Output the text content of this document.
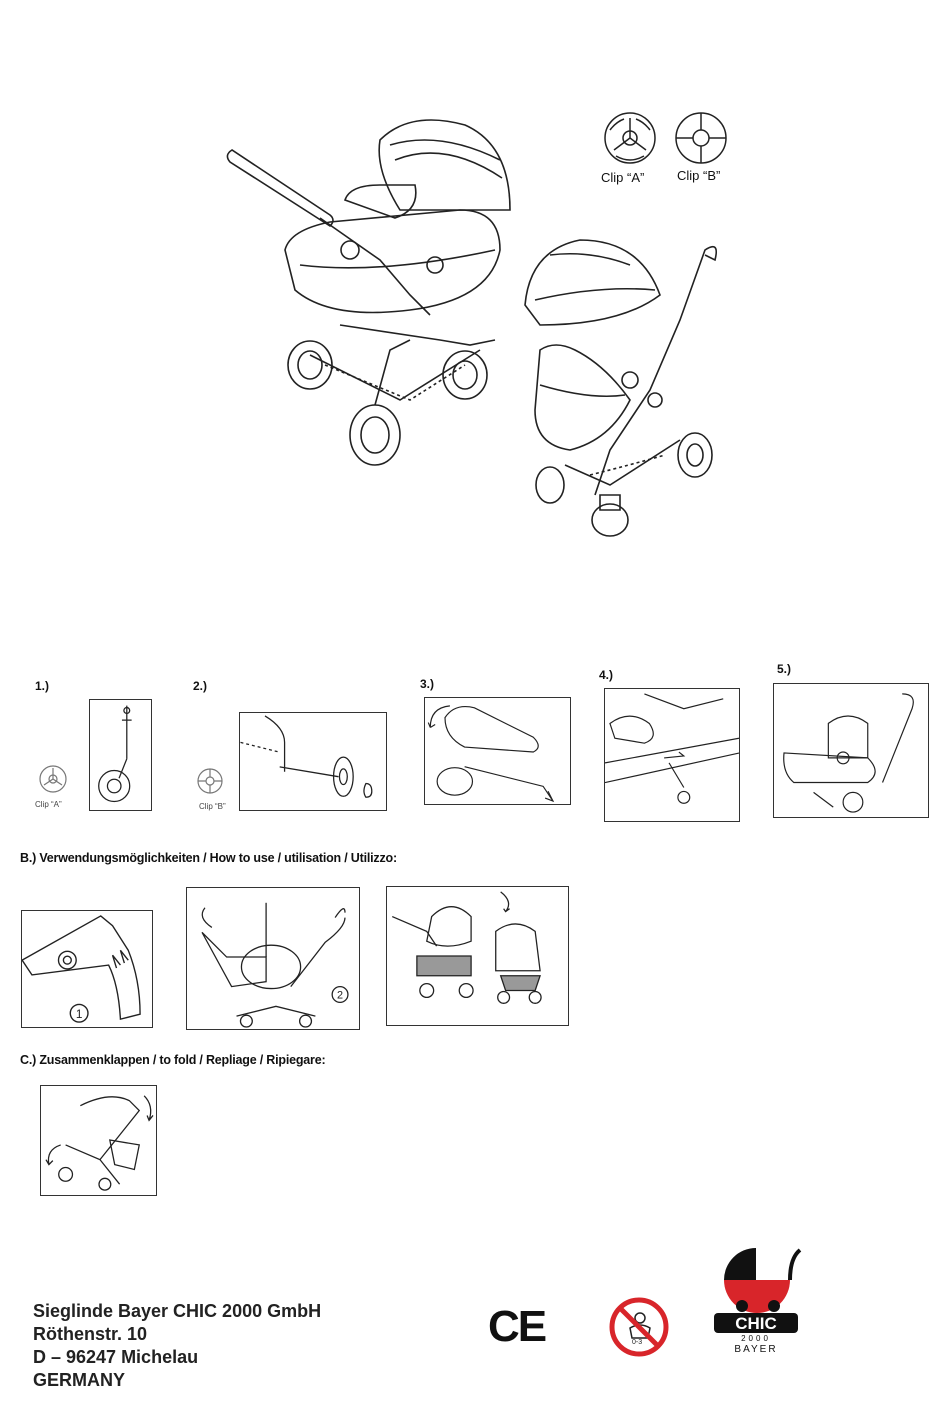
Clip “A”	Clip “B”
1.)	2.)	3.)
4.)	5.)
Clip “A”	Clip “B”
B.) Verwendungsmöglichkeiten / How to use / utilisation / Utilizzo:
1
2
C.) Zusammenklappen / to fold / Repliage / Ripiegare:
Sieglinde Bayer CHIC 2000 GmbH
Röthenstr. 10
D – 96247 Michelau
GERMANY
CE	0-3
CHIC
2000
BAYER
